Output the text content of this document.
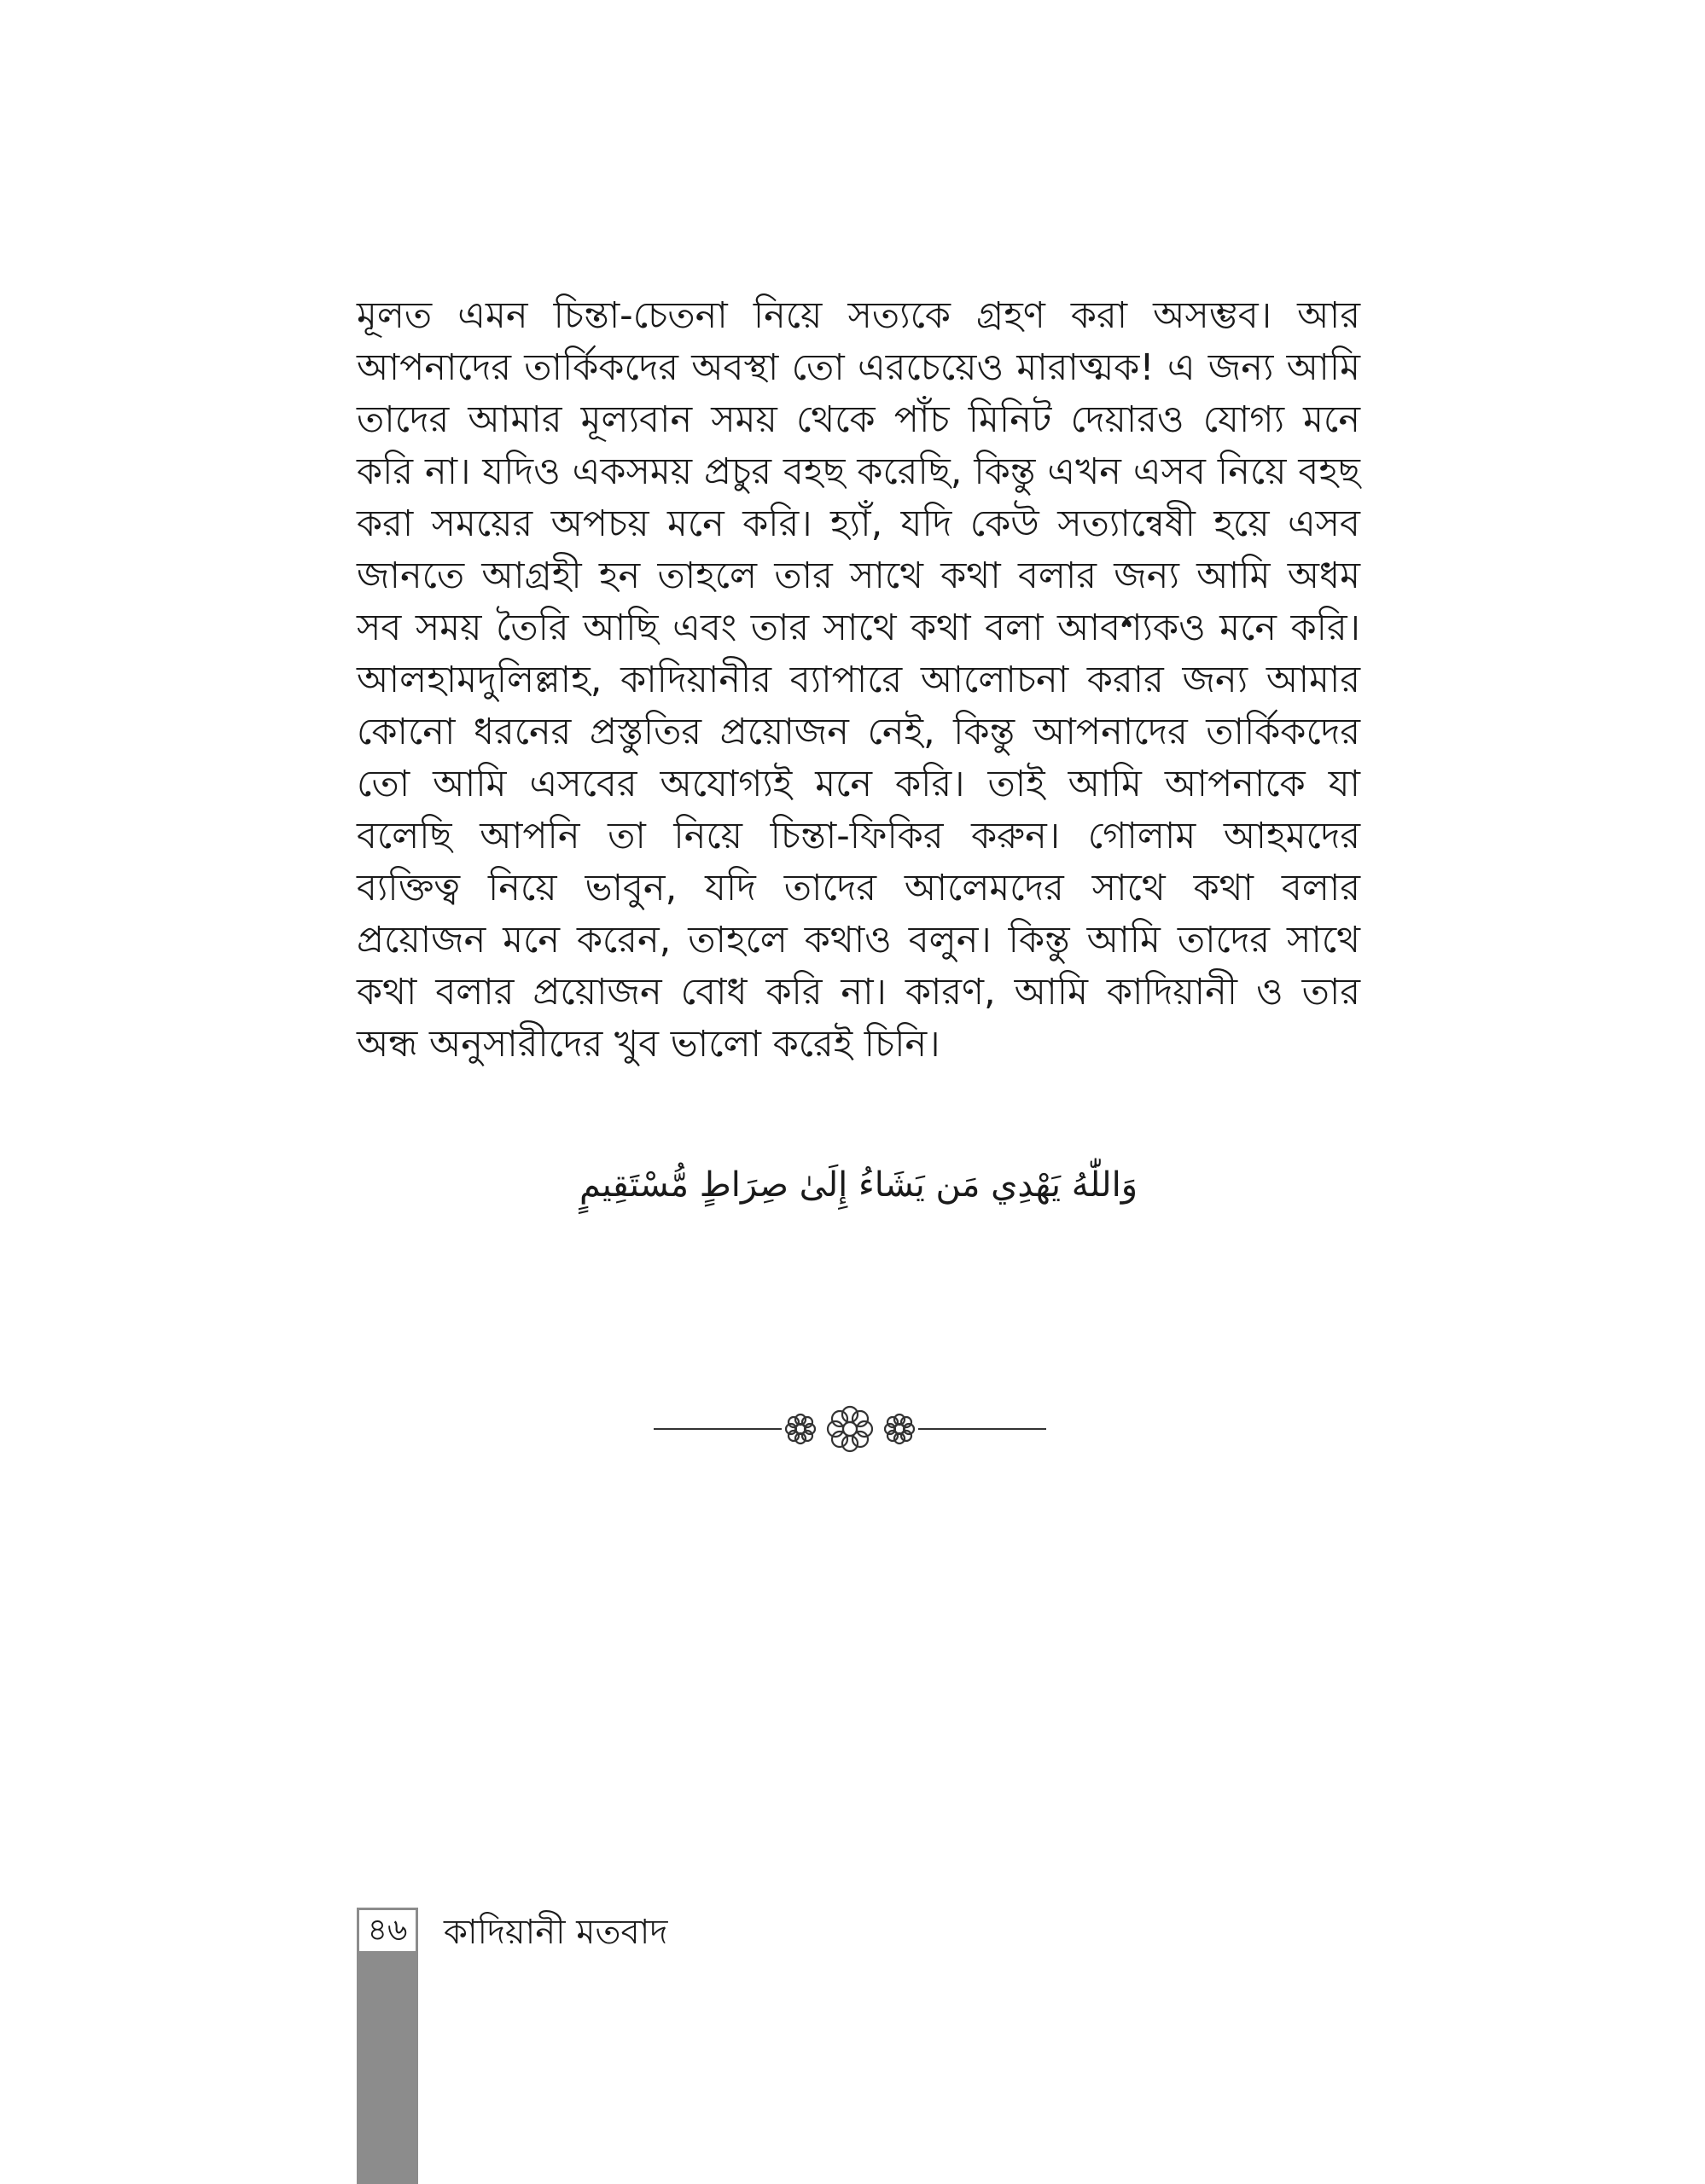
মূলত এমন চিন্তা-চেতনা নিয়ে সত্যকে গ্রহণ করা অসম্ভব। আর আপনাদের তার্কিকদের অবস্থা তো এরচেয়েও মারাত্মক! এ জন্য আমি তাদের আমার মূল্যবান সময় থেকে পাঁচ মিনিট দেয়ারও যোগ্য মনে করি না। যদিও একসময় প্রচুর বহছ করেছি, কিন্তু এখন এসব নিয়ে বহছ করা সময়ের অপচয় মনে করি। হ্যাঁ, যদি কেউ সত্যান্বেষী হয়ে এসব জানতে আগ্রহী হন তাহলে তার সাথে কথা বলার জন্য আমি অধম সব সময় তৈরি আছি এবং তার সাথে কথা বলা আবশ্যকও মনে করি। আলহামদুলিল্লাহ, কাদিয়ানীর ব্যাপারে আলোচনা করার জন্য আমার কোনো ধরনের প্রস্তুতির প্রয়োজন নেই, কিন্তু আপনাদের তার্কিকদের তো আমি এসবের অযোগ্যই মনে করি। তাই আমি আপনাকে যা বলেছি আপনি তা নিয়ে চিন্তা-ফিকির করুন। গোলাম আহমদের ব্যক্তিত্ব নিয়ে ভাবুন, যদি তাদের আলেমদের সাথে কথা বলার প্রয়োজন মনে করেন, তাহলে কথাও বলুন। কিন্তু আমি তাদের সাথে কথা বলার প্রয়োজন বোধ করি না। কারণ, আমি কাদিয়ানী ও তার অন্ধ অনুসারীদের খুব ভালো করেই চিনি।
وَاللّٰهُ يَهْدِي مَن يَشَاءُ إِلَىٰ صِرَاطٍ مُّسْتَقِيمٍ
৪৬	কাদিয়ানী মতবাদ
